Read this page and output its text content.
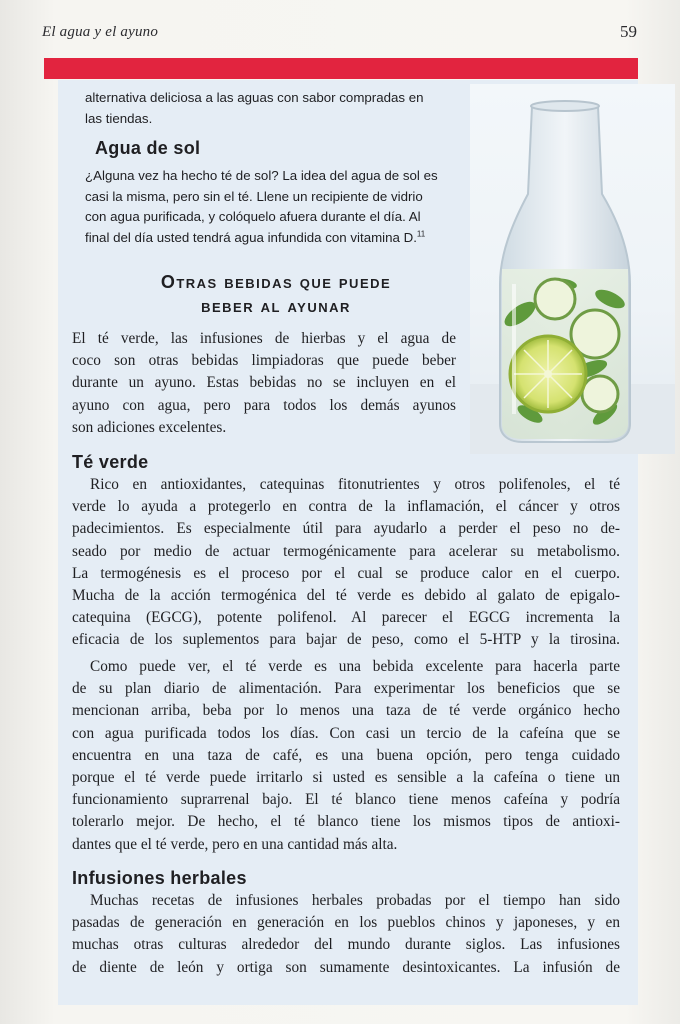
El agua y el ayuno	59

alternativa deliciosa a las aguas con sabor compradas en
las tiendas.

Agua de sol

¿Alguna vez ha hecho té de sol? La idea del agua de sol es
casi la misma, pero sin el té. Llene un recipiente de vidrio
con agua purificada, y colóquelo afuera durante el día. Al
final del día usted tendrá agua infundida con vitamina D.$^{11}$

Otras bebidas que puede
beber al ayunar

El té verde, las infusiones de hierbas y el agua de
coco son otras bebidas limpiadoras que puede beber
durante un ayuno. Estas bebidas no se incluyen en el
ayuno con agua, pero para todos los demás ayunos
son adiciones excelentes.

Té verde

Rico en antioxidantes, catequinas fitonutrientes y otros polifenoles, el té
verde lo ayuda a protegerlo en contra de la inflamación, el cáncer y otros
padecimientos. Es especialmente útil para ayudarlo a perder el peso no de-
seado por medio de actuar termogénicamente para acelerar su metabolismo.
La termogénesis es el proceso por el cual se produce calor en el cuerpo.
Mucha de la acción termogénica del té verde es debido al galato de epigalo-
catequina (EGCG), potente polifenol. Al parecer el EGCG incrementa la
eficacia de los suplementos para bajar de peso, como el 5-HTP y la tirosina.

Como puede ver, el té verde es una bebida excelente para hacerla parte
de su plan diario de alimentación. Para experimentar los beneficios que se
mencionan arriba, beba por lo menos una taza de té verde orgánico hecho
con agua purificada todos los días. Con casi un tercio de la cafeína que se
encuentra en una taza de café, es una buena opción, pero tenga cuidado
porque el té verde puede irritarlo si usted es sensible a la cafeína o tiene un
funcionamiento suprarrenal bajo. El té blanco tiene menos cafeína y podría
tolerarlo mejor. De hecho, el té blanco tiene los mismos tipos de antioxi-
dantes que el té verde, pero en una cantidad más alta.

Infusiones herbales

Muchas recetas de infusiones herbales probadas por el tiempo han sido
pasadas de generación en generación en los pueblos chinos y japoneses, y en
muchas otras culturas alrededor del mundo durante siglos. Las infusiones
de diente de león y ortiga son sumamente desintoxicantes. La infusión de
